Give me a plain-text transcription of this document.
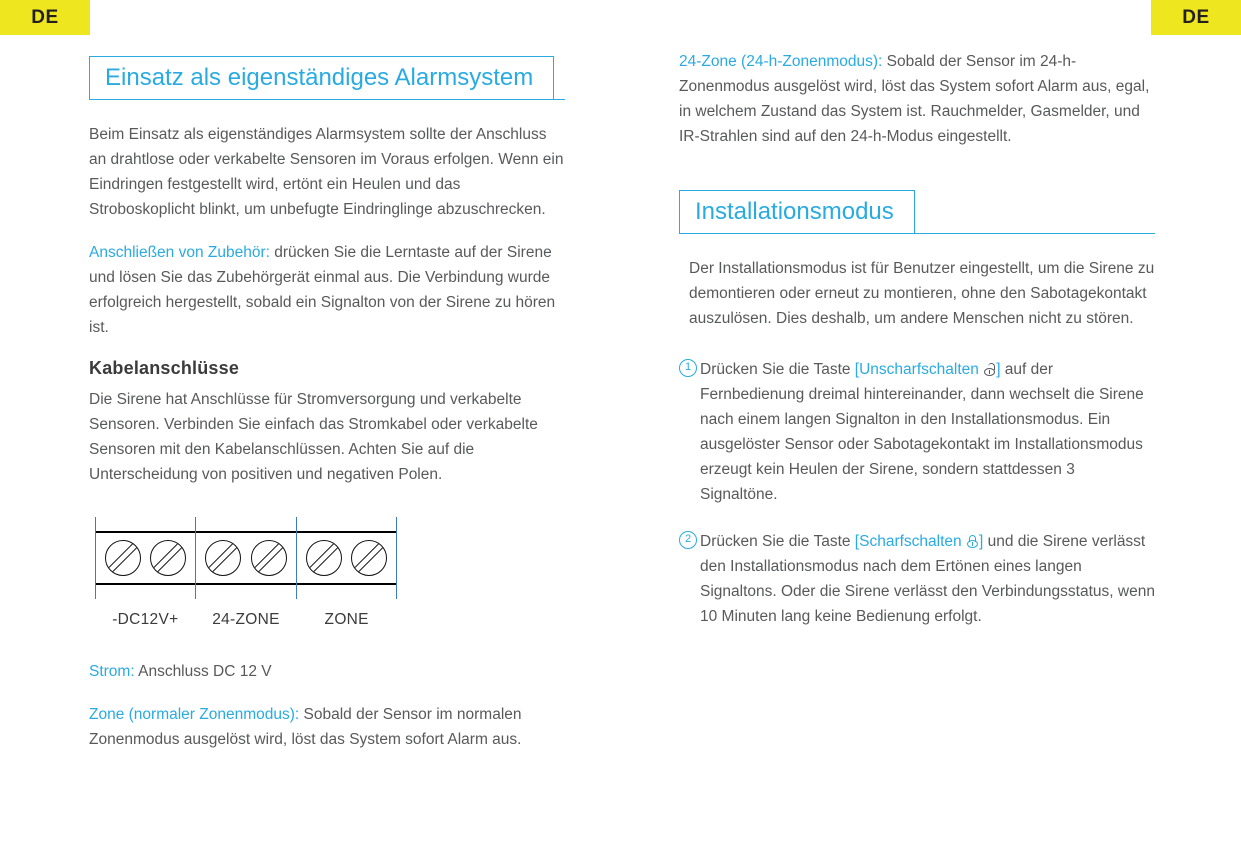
DE	DE
Einsatz als eigenständiges Alarmsystem

Beim Einsatz als eigenständiges Alarmsystem sollte der Anschluss an drahtlose oder verkabelte Sensoren im Voraus erfolgen. Wenn ein Eindringen festgestellt wird, ertönt ein Heulen und das Stroboskoplicht blinkt, um unbefugte Eindringlinge abzuschrecken.

Anschließen von Zubehör: drücken Sie die Lerntaste auf der Sirene und lösen Sie das Zubehörgerät einmal aus. Die Verbindung wurde erfolgreich hergestellt, sobald ein Signalton von der Sirene zu hören ist.

Kabelanschlüsse

Die Sirene hat Anschlüsse für Stromversorgung und verkabelte Sensoren. Verbinden Sie einfach das Stromkabel oder verkabelte Sensoren mit den Kabelanschlüssen. Achten Sie auf die Unterscheidung von positiven und negativen Polen.

-DC12V+	24-ZONE	ZONE

Strom: Anschluss DC 12 V

Zone (normaler Zonenmodus): Sobald der Sensor im normalen Zonenmodus ausgelöst wird, löst das System sofort Alarm aus.

24-Zone (24-h-Zonenmodus): Sobald der Sensor im 24-h-Zonenmodus ausgelöst wird, löst das System sofort Alarm aus, egal, in welchem Zustand das System ist. Rauchmelder, Gasmelder, und IR-Strahlen sind auf den 24-h-Modus eingestellt.

Installationsmodus

Der Installationsmodus ist für Benutzer eingestellt, um die Sirene zu demontieren oder erneut zu montieren, ohne den Sabotagekontakt auszulösen. Dies deshalb, um andere Menschen nicht zu stören.

1 Drücken Sie die Taste [Unscharfschalten ] auf der Fernbedienung dreimal hintereinander, dann wechselt die Sirene nach einem langen Signalton in den Installationsmodus. Ein ausgelöster Sensor oder Sabotagekontakt im Installationsmodus erzeugt kein Heulen der Sirene, sondern stattdessen 3 Signaltöne.
2 Drücken Sie die Taste [Scharfschalten ] und die Sirene verlässt den Installationsmodus nach dem Ertönen eines langen Signaltons. Oder die Sirene verlässt den Verbindungsstatus, wenn 10 Minuten lang keine Bedienung erfolgt.
